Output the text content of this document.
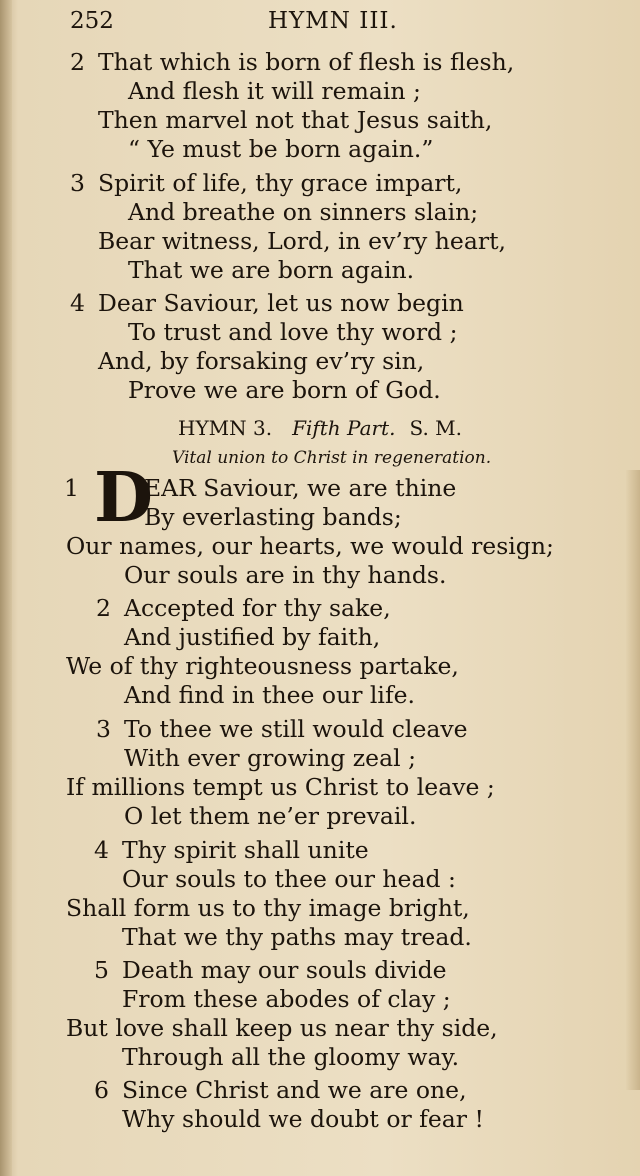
252	HYMN III.
2 That which is born of flesh is flesh,
And flesh it will remain ;
Then marvel not that Jesus saith,
“ Ye must be born again.”
3 Spirit of life, thy grace impart,
And breathe on sinners slain;
Bear witness, Lord, in ev’ry heart,
That we are born again.
4 Dear Saviour, let us now begin
To trust and love thy word ;
And, by forsaking ev’ry sin,
Prove we are born of God.
HYMN 3. Fifth Part. S. M.
Vital union to Christ in regeneration.
1 D
EAR Saviour, we are thine
By everlasting bands;
Our names, our hearts, we would resign;
Our souls are in thy hands.
2 Accepted for thy sake,
And justified by faith,
We of thy righteousness partake,
And find in thee our life.
3 To thee we still would cleave
With ever growing zeal ;
If millions tempt us Christ to leave ;
O let them ne’er prevail.
4 Thy spirit shall unite
Our souls to thee our head :
Shall form us to thy image bright,
That we thy paths may tread.
5 Death may our souls divide
From these abodes of clay ;
But love shall keep us near thy side,
Through all the gloomy way.
6 Since Christ and we are one,
Why should we doubt or fear !
